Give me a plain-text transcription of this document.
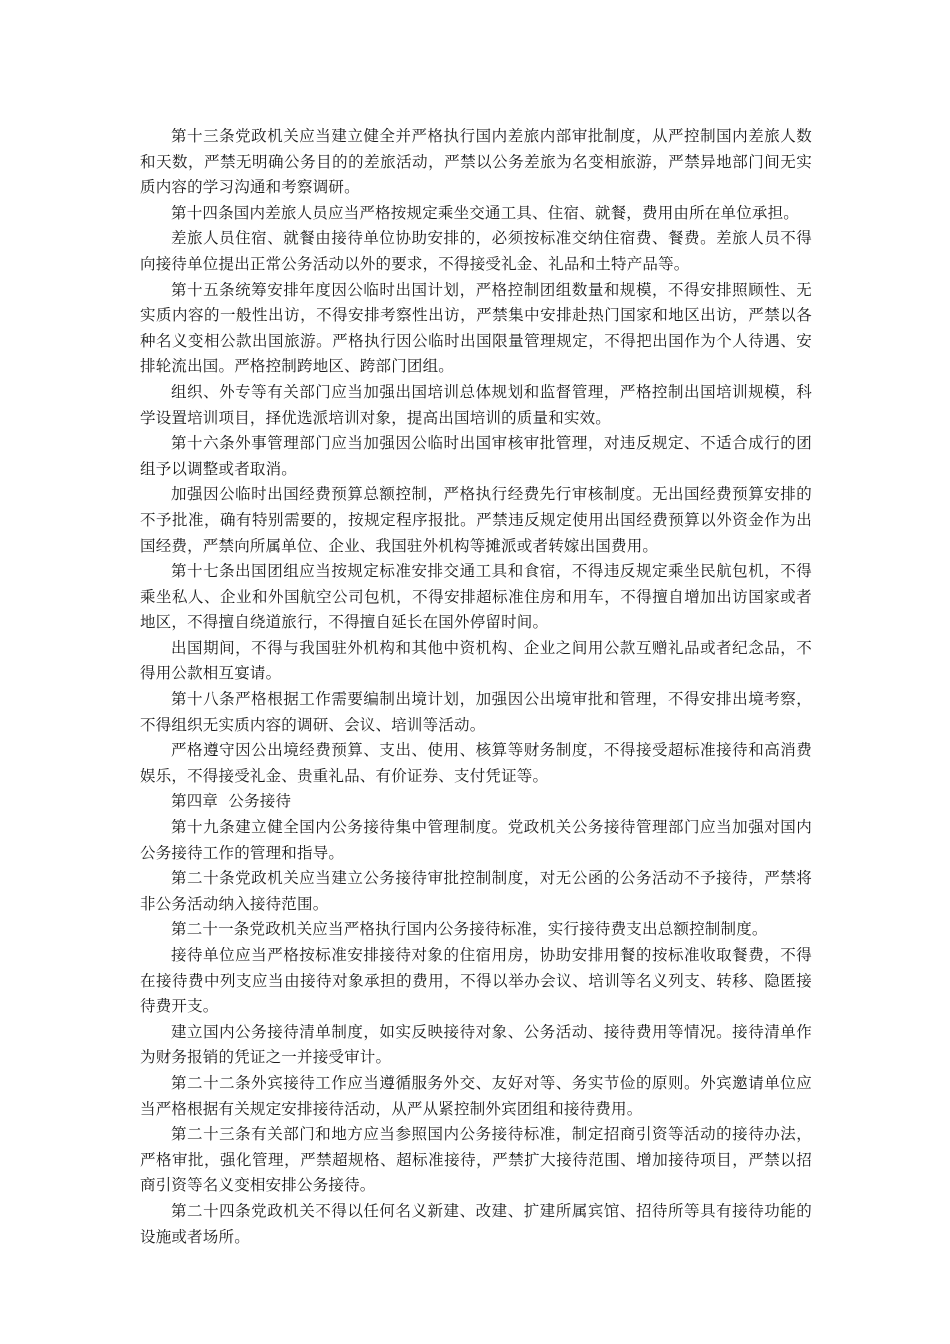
第十三条党政机关应当建立健全并严格执行国内差旅内部审批制度，从严控制国内差旅人数和天数，严禁无明确公务目的的差旅活动，严禁以公务差旅为名变相旅游，严禁异地部门间无实质内容的学习沟通和考察调研。

第十四条国内差旅人员应当严格按规定乘坐交通工具、住宿、就餐，费用由所在单位承担。

差旅人员住宿、就餐由接待单位协助安排的，必须按标准交纳住宿费、餐费。差旅人员不得向接待单位提出正常公务活动以外的要求，不得接受礼金、礼品和土特产品等。

第十五条统筹安排年度因公临时出国计划，严格控制团组数量和规模，不得安排照顾性、无实质内容的一般性出访，不得安排考察性出访，严禁集中安排赴热门国家和地区出访，严禁以各种名义变相公款出国旅游。严格执行因公临时出国限量管理规定，不得把出国作为个人待遇、安排轮流出国。严格控制跨地区、跨部门团组。

组织、外专等有关部门应当加强出国培训总体规划和监督管理，严格控制出国培训规模，科学设置培训项目，择优选派培训对象，提高出国培训的质量和实效。

第十六条外事管理部门应当加强因公临时出国审核审批管理，对违反规定、不适合成行的团组予以调整或者取消。

加强因公临时出国经费预算总额控制，严格执行经费先行审核制度。无出国经费预算安排的不予批准，确有特别需要的，按规定程序报批。严禁违反规定使用出国经费预算以外资金作为出国经费，严禁向所属单位、企业、我国驻外机构等摊派或者转嫁出国费用。

第十七条出国团组应当按规定标准安排交通工具和食宿，不得违反规定乘坐民航包机，不得乘坐私人、企业和外国航空公司包机，不得安排超标准住房和用车，不得擅自增加出访国家或者地区，不得擅自绕道旅行，不得擅自延长在国外停留时间。

出国期间，不得与我国驻外机构和其他中资机构、企业之间用公款互赠礼品或者纪念品，不得用公款相互宴请。

第十八条严格根据工作需要编制出境计划，加强因公出境审批和管理，不得安排出境考察，不得组织无实质内容的调研、会议、培训等活动。

严格遵守因公出境经费预算、支出、使用、核算等财务制度，不得接受超标准接待和高消费娱乐，不得接受礼金、贵重礼品、有价证券、支付凭证等。

第四章  公务接待

第十九条建立健全国内公务接待集中管理制度。党政机关公务接待管理部门应当加强对国内公务接待工作的管理和指导。

第二十条党政机关应当建立公务接待审批控制制度，对无公函的公务活动不予接待，严禁将非公务活动纳入接待范围。

第二十一条党政机关应当严格执行国内公务接待标准，实行接待费支出总额控制制度。

接待单位应当严格按标准安排接待对象的住宿用房，协助安排用餐的按标准收取餐费，不得在接待费中列支应当由接待对象承担的费用，不得以举办会议、培训等名义列支、转移、隐匿接待费开支。

建立国内公务接待清单制度，如实反映接待对象、公务活动、接待费用等情况。接待清单作为财务报销的凭证之一并接受审计。

第二十二条外宾接待工作应当遵循服务外交、友好对等、务实节俭的原则。外宾邀请单位应当严格根据有关规定安排接待活动，从严从紧控制外宾团组和接待费用。

第二十三条有关部门和地方应当参照国内公务接待标准，制定招商引资等活动的接待办法，严格审批，强化管理，严禁超规格、超标准接待，严禁扩大接待范围、增加接待项目，严禁以招商引资等名义变相安排公务接待。

第二十四条党政机关不得以任何名义新建、改建、扩建所属宾馆、招待所等具有接待功能的设施或者场所。
